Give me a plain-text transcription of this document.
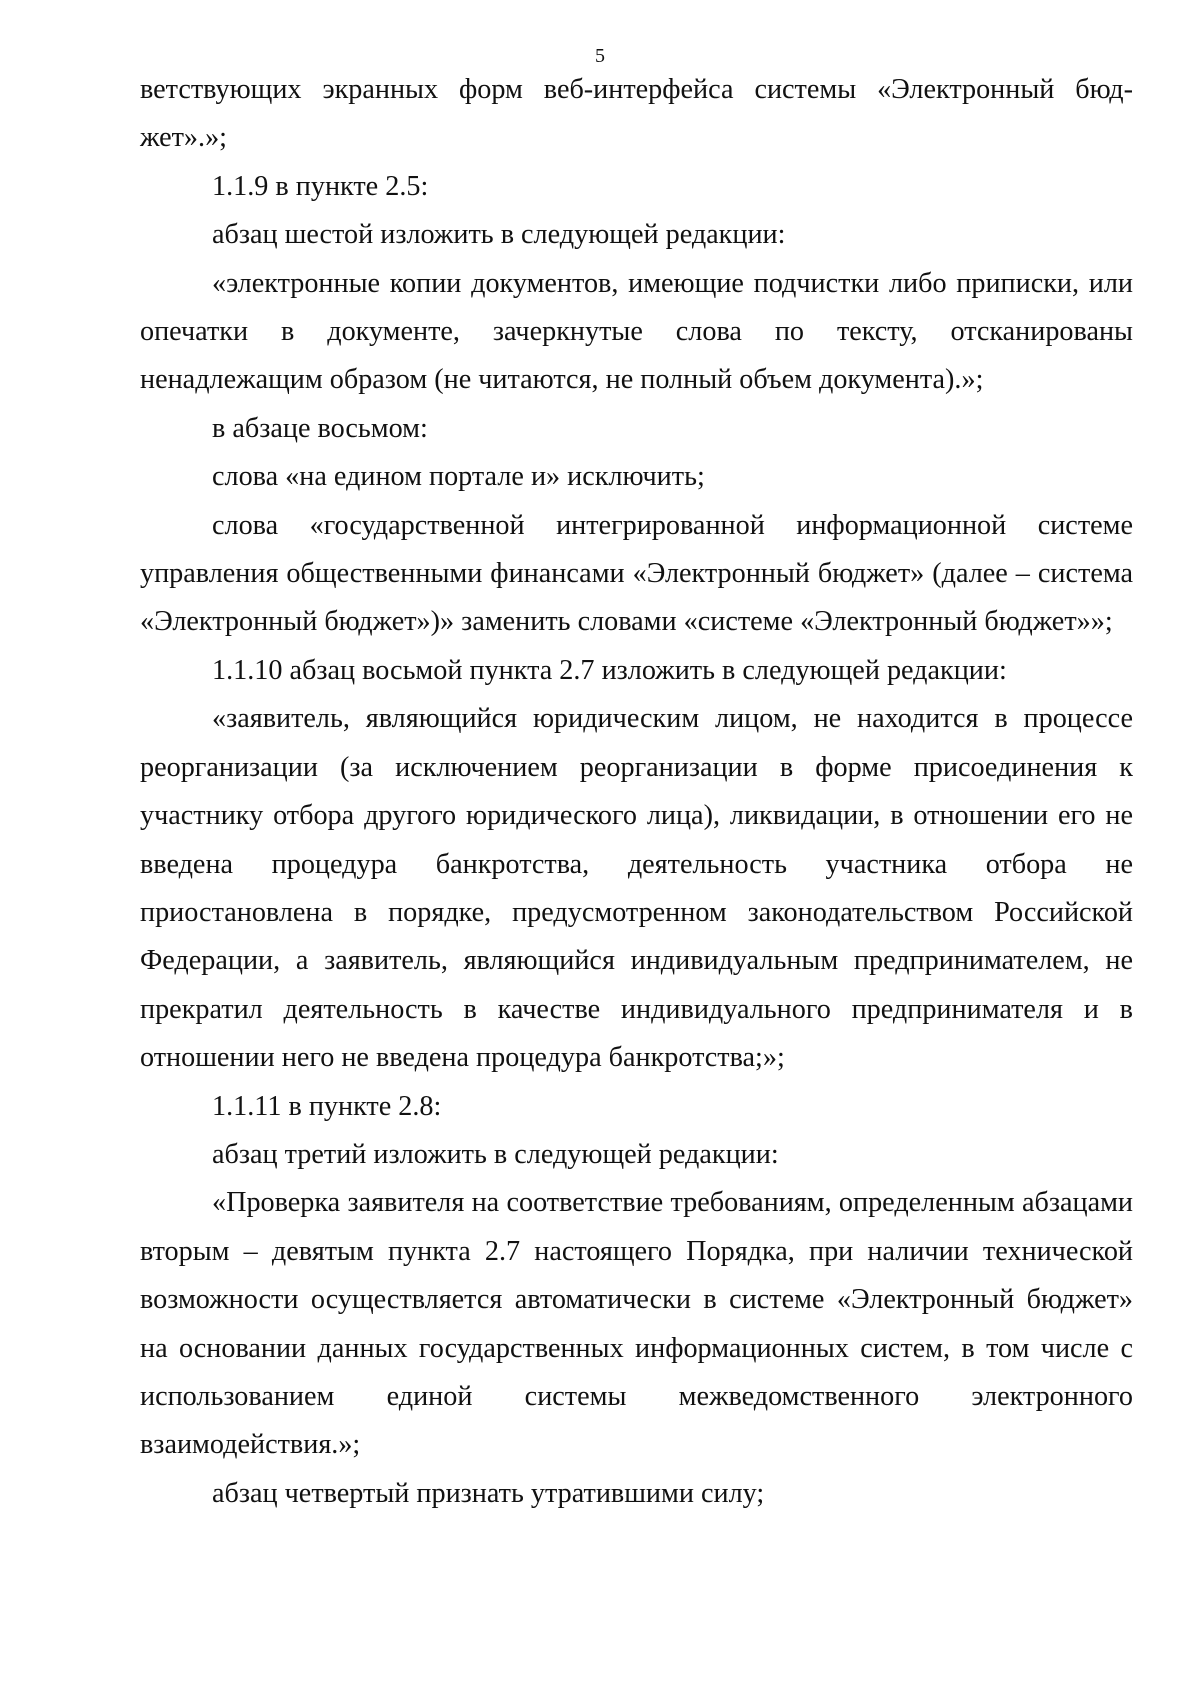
5

ветствующих экранных форм веб-интерфейса системы «Электронный бюд-

жет».»;

1.1.9 в пункте 2.5:

абзац шестой изложить в следующей редакции:

«электронные копии документов, имеющие подчистки либо приписки, или опечатки в документе, зачеркнутые слова по тексту, отсканированы ненадлежащим образом (не читаются, не полный объем документа).»;

в абзаце восьмом:

слова «на едином портале и» исключить;

слова «государственной интегрированной информационной системе управления общественными финансами «Электронный бюджет» (далее – система «Электронный бюджет»)» заменить словами «системе «Электронный бюджет»»;

1.1.10 абзац восьмой пункта 2.7 изложить в следующей редакции:

«заявитель, являющийся юридическим лицом, не находится в процессе реорганизации (за исключением реорганизации в форме присоединения к участнику отбора другого юридического лица), ликвидации, в отношении его не введена процедура банкротства, деятельность участника отбора не приостановлена в порядке, предусмотренном законодательством Российской Федерации, а заявитель, являющийся индивидуальным предпринимателем, не прекратил деятельность в качестве индивидуального предпринимателя и в отношении него не введена процедура банкротства;»;

1.1.11 в пункте 2.8:

абзац третий изложить в следующей редакции:

«Проверка заявителя на соответствие требованиям, определенным абзацами вторым – девятым пункта 2.7 настоящего Порядка, при наличии технической возможности осуществляется автоматически в системе «Электронный бюджет» на основании данных государственных информационных систем, в том числе с использованием единой системы межведомственного электронного взаимодействия.»;

абзац четвертый признать утратившими силу;
